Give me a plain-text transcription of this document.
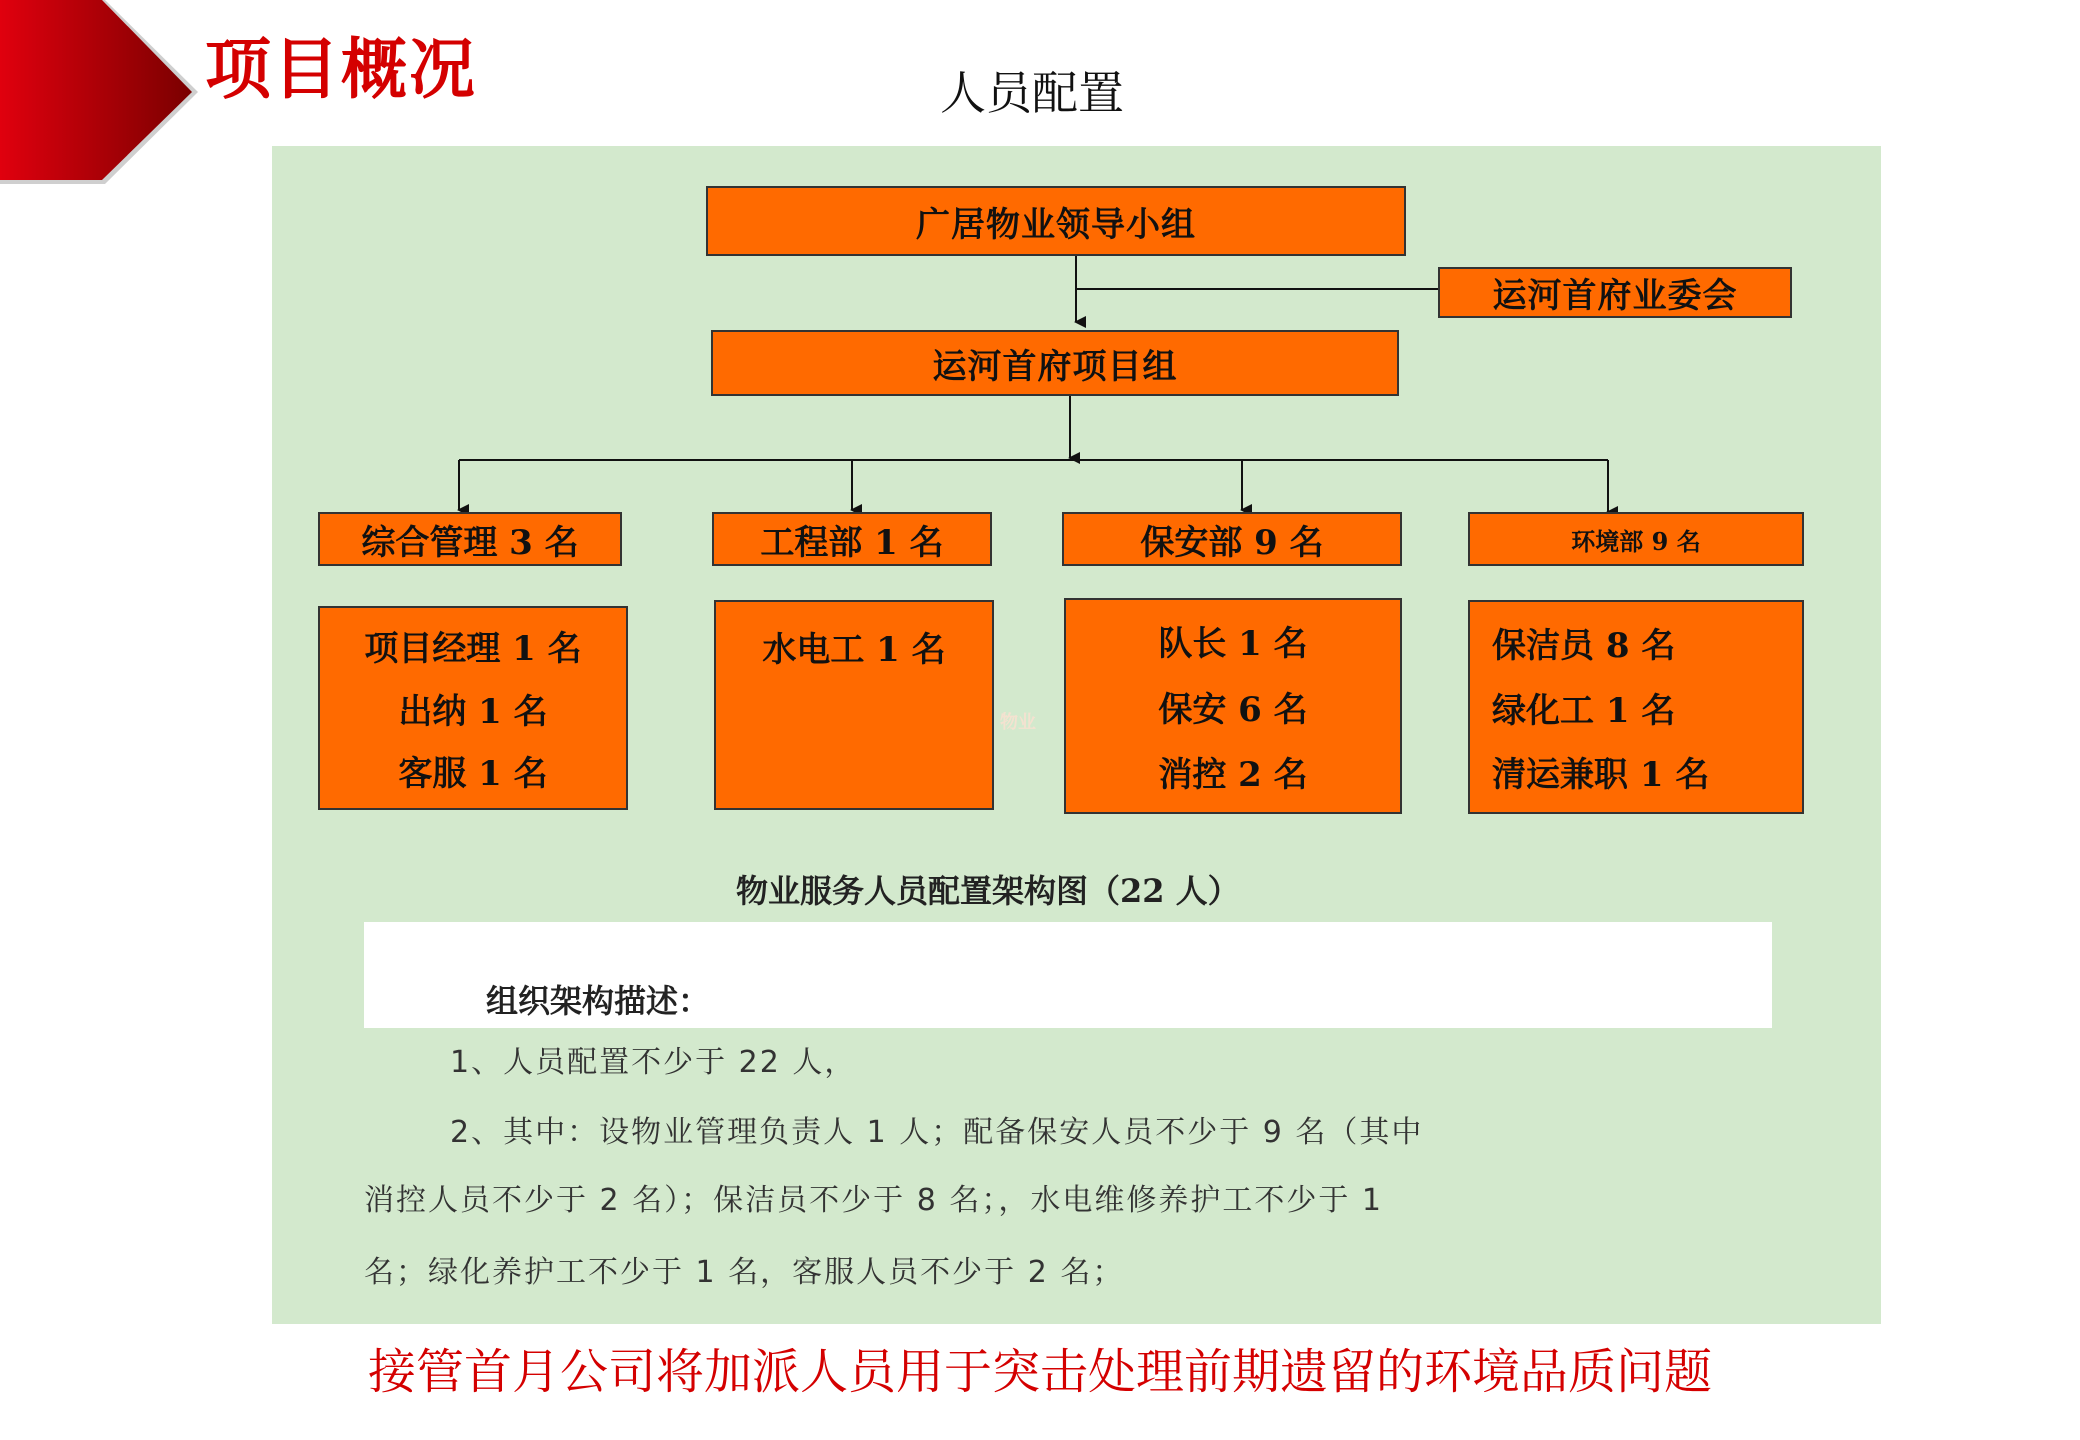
项目概况	人员配置
广居物业领导小组
运河首府业委会
运河首府项目组
综合管理 3 名	工程部 1 名	保安部 9 名	环境部 9 名
项目经理 1 名
出纳 1 名
客服 1 名
水电工 1 名	队长 1 名
保安 6 名
消控 2 名
保洁员 8 名
绿化工 1 名
清运兼职 1 名
物业
物业服务人员配置架构图（22 人）
组织架构描述：
1、人员配置不少于 22 人，
2、其中：设物业管理负责人 1 人；配备保安人员不少于 9 名（其中
消控人员不少于 2 名）；保洁员不少于 8 名；，水电维修养护工不少于 1
名；绿化养护工不少于 1 名，客服人员不少于 2 名；
接管首月公司将加派人员用于突击处理前期遗留的环境品质问题
